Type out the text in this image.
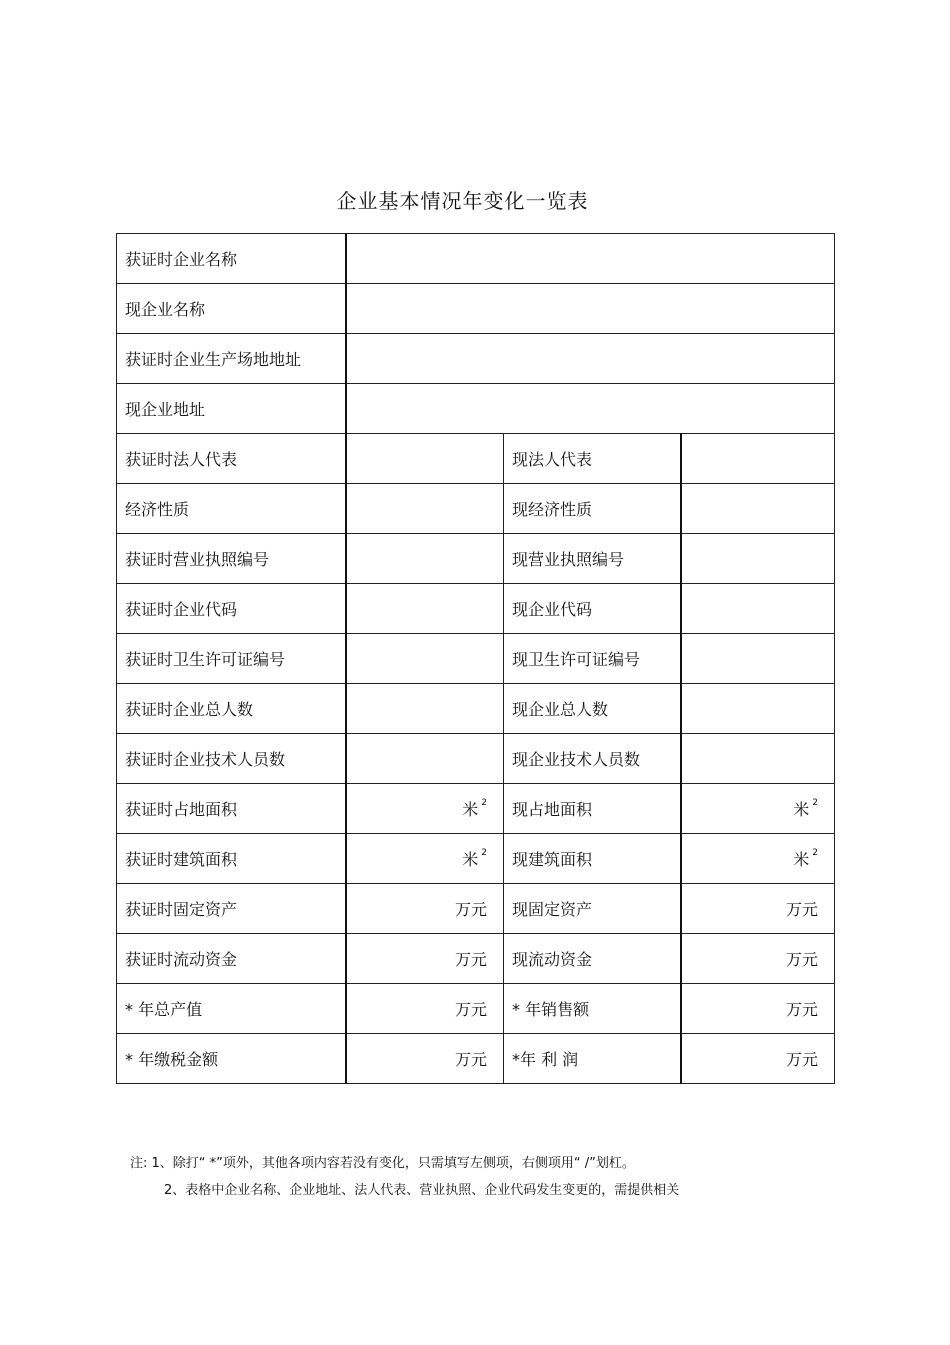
企业基本情况年变化一览表
获证时企业名称			
现企业名称			
获证时企业生产场地地址			
现企业地址			
获证时法人代表		现法人代表	
经济性质		现经济性质	
获证时营业执照编号		现营业执照编号	
获证时企业代码		现企业代码	
获证时卫生许可证编号		现卫生许可证编号	
获证时企业总人数		现企业总人数	
获证时企业技术人员数		现企业技术人员数	
获证时占地面积	米 $^2$	现占地面积	米 $^2$
获证时建筑面积	米 $^2$	现建筑面积	米 $^2$
获证时固定资产	万元	现固定资产	万元
获证时流动资金	万元	现流动资金	万元
* 年总产值	万元	* 年销售额	万元
* 年缴税金额	万元	*年 利 润	万元
注: 1、除打“ *”项外，其他各项内容若没有变化，只需填写左侧项，右侧项用“ /”划杠。
2、表格中企业名称、企业地址、法人代表、营业执照、企业代码发生变更的，需提供相关
